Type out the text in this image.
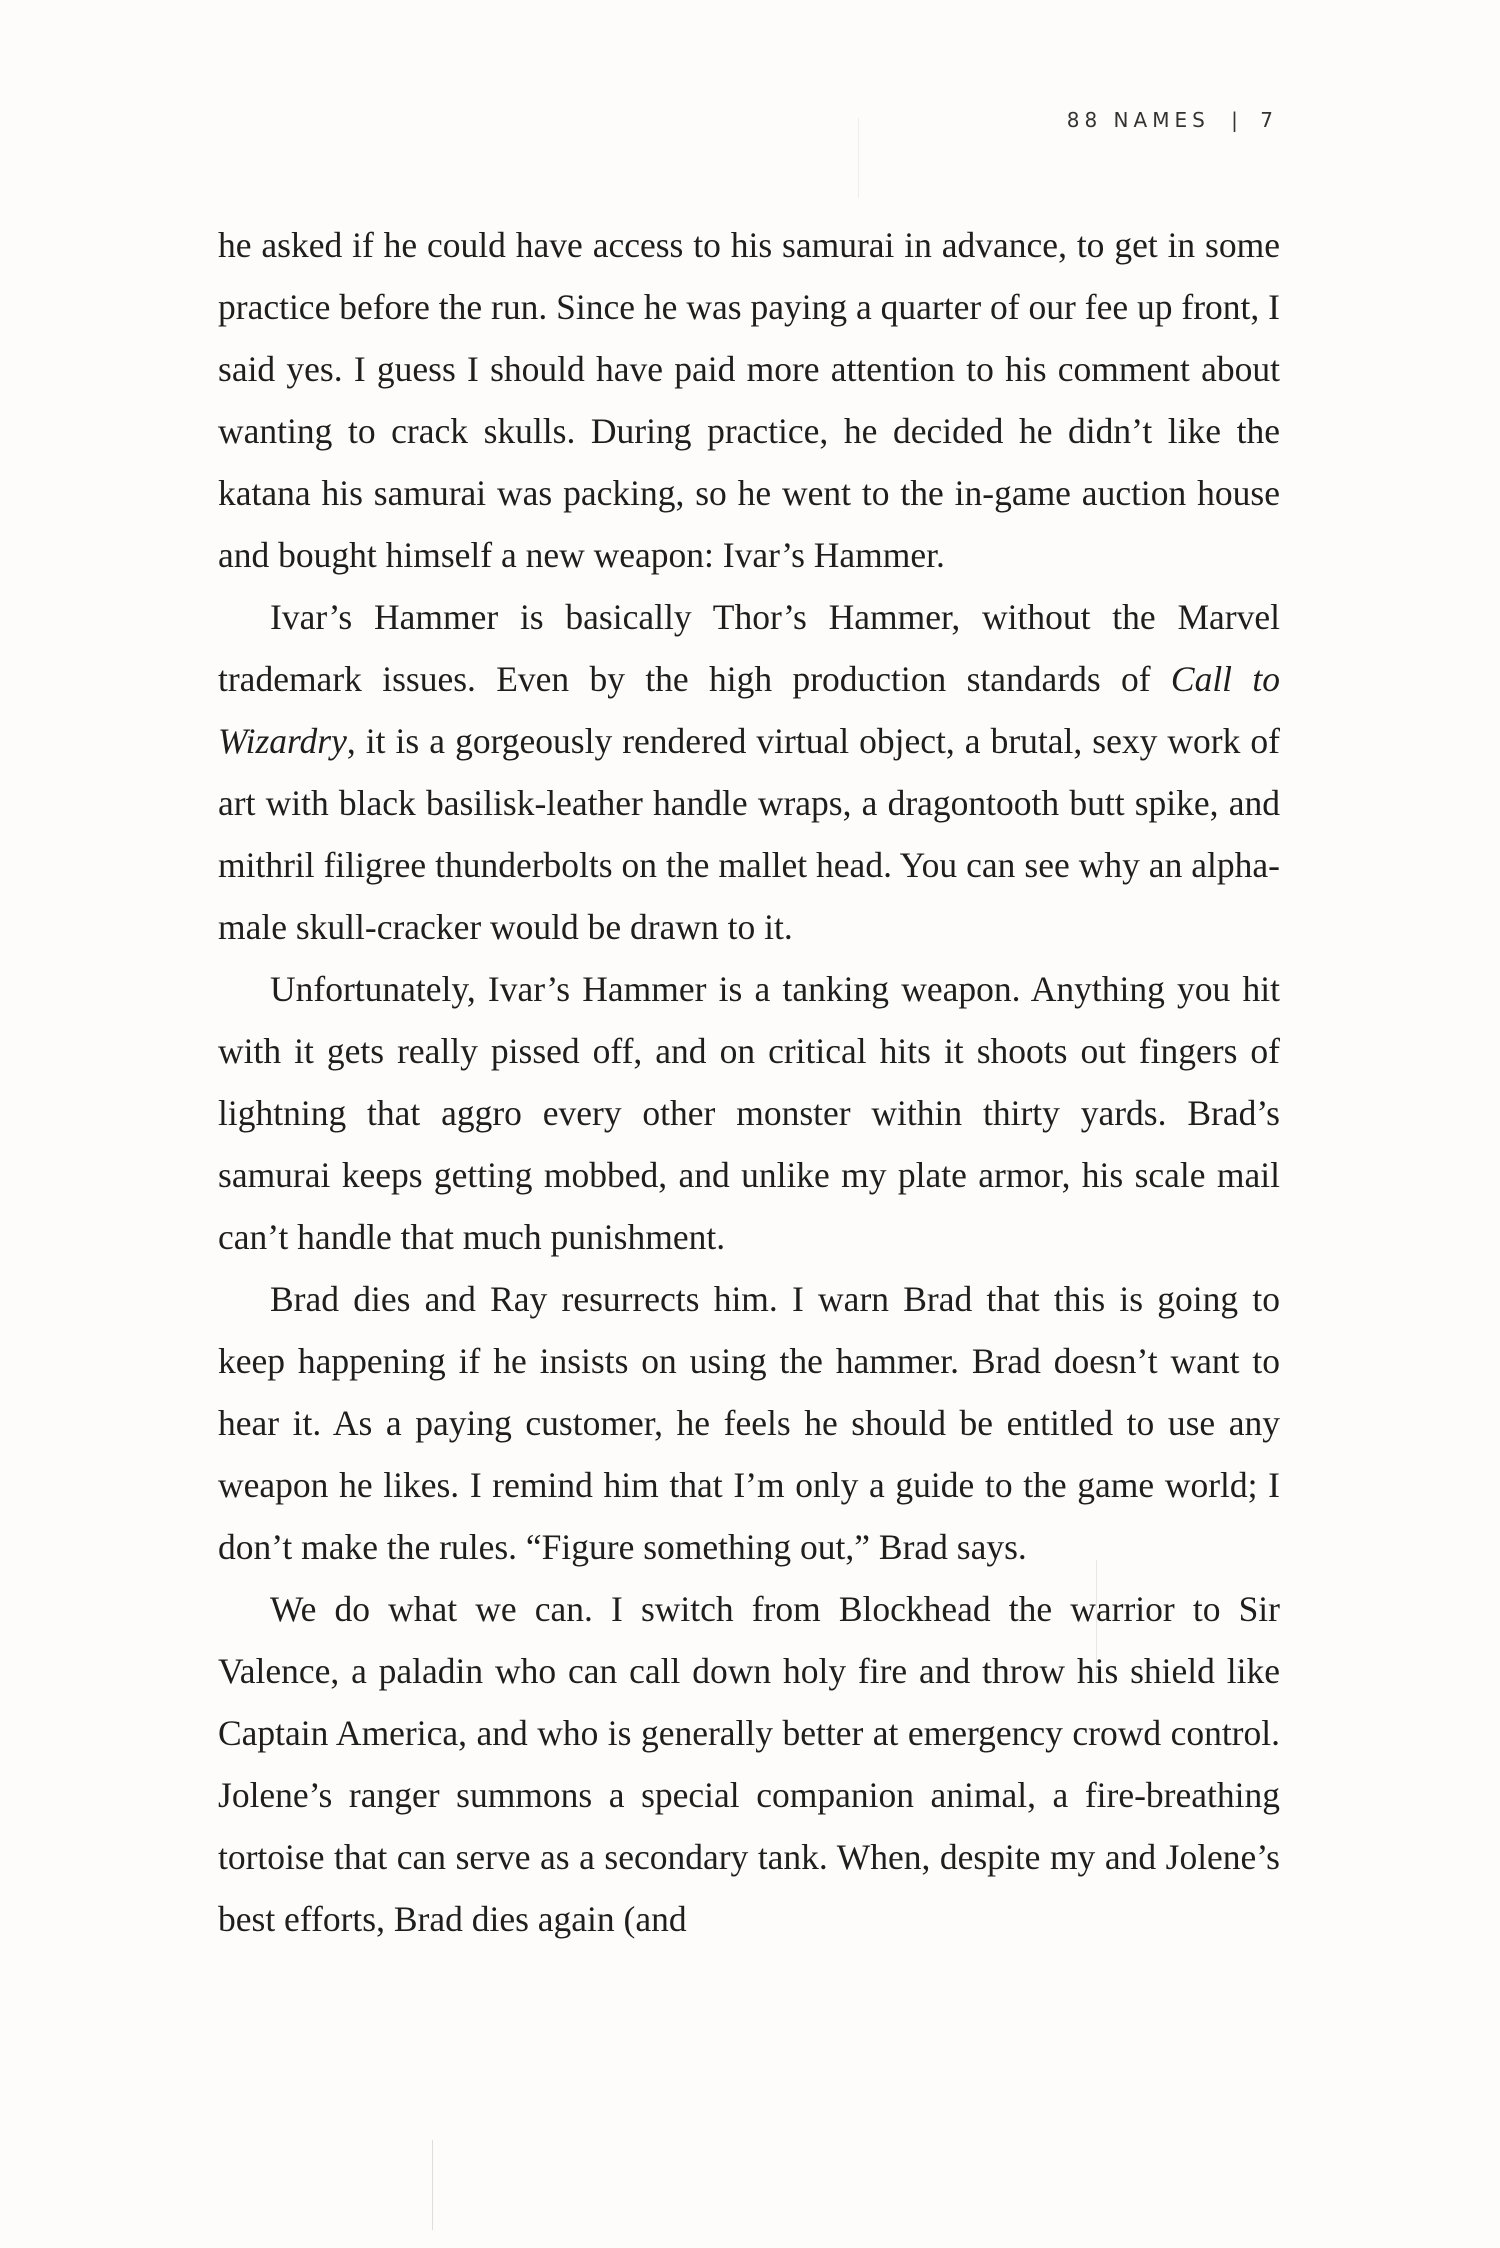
88 NAMES | 7

he asked if he could have access to his samurai in advance, to get in some practice before the run. Since he was paying a quarter of our fee up front, I said yes. I guess I should have paid more attention to his comment about wanting to crack skulls. During practice, he decided he didn’t like the katana his samurai was packing, so he went to the in-game auction house and bought himself a new weapon: Ivar’s Hammer.

Ivar’s Hammer is basically Thor’s Hammer, without the Marvel trademark issues. Even by the high production standards of Call to Wizardry, it is a gorgeously rendered virtual object, a brutal, sexy work of art with black basilisk-leather handle wraps, a dragontooth butt spike, and mithril filigree thunderbolts on the mallet head. You can see why an alpha-male skull-cracker would be drawn to it.

Unfortunately, Ivar’s Hammer is a tanking weapon. Anything you hit with it gets really pissed off, and on critical hits it shoots out fingers of lightning that aggro every other monster within thirty yards. Brad’s samurai keeps getting mobbed, and unlike my plate armor, his scale mail can’t handle that much punishment.

Brad dies and Ray resurrects him. I warn Brad that this is going to keep happening if he insists on using the hammer. Brad doesn’t want to hear it. As a paying customer, he feels he should be entitled to use any weapon he likes. I remind him that I’m only a guide to the game world; I don’t make the rules. “Figure something out,” Brad says.

We do what we can. I switch from Blockhead the warrior to Sir Valence, a paladin who can call down holy fire and throw his shield like Captain America, and who is generally better at emergency crowd control. Jolene’s ranger summons a special companion animal, a fire-breathing tortoise that can serve as a secondary tank. When, despite my and Jolene’s best efforts, Brad dies again (and
